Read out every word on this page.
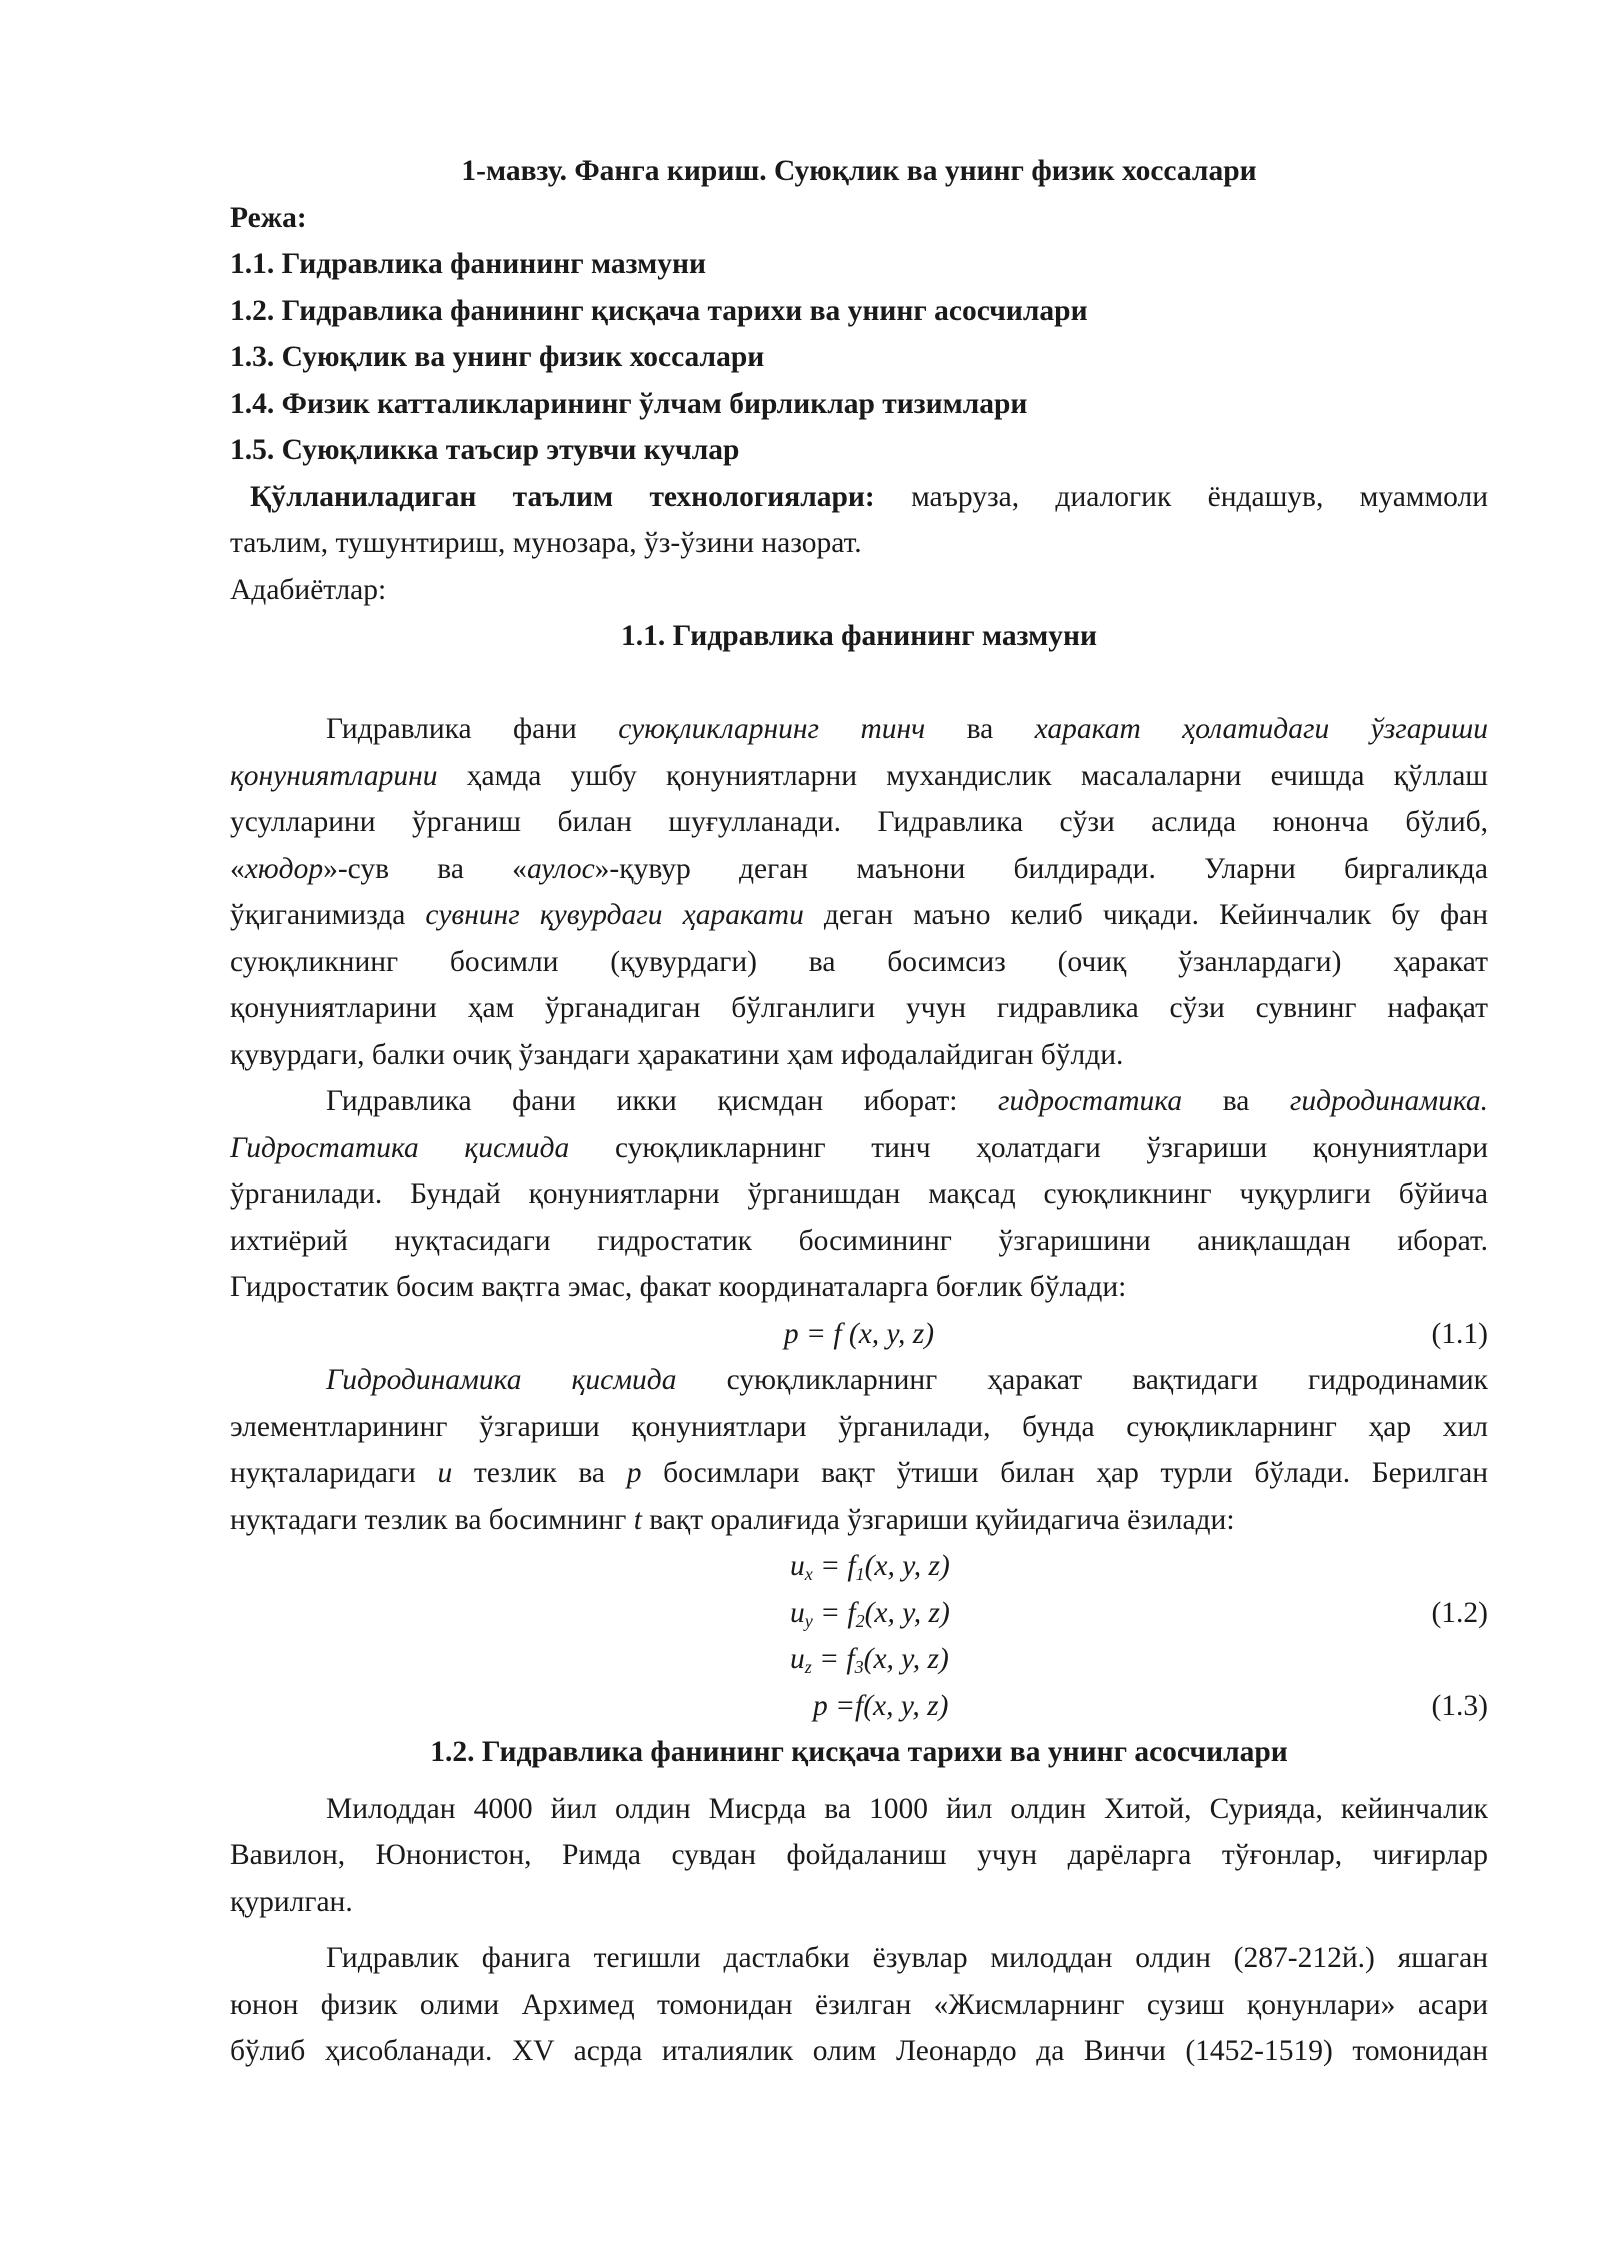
1-мавзу. Фанга кириш. Суюқлик ва унинг физик хоссалари
Режа:
1.1. Гидравлика фанининг мазмуни
1.2. Гидравлика фанининг қисқача тарихи ва унинг асосчилари
1.3. Суюқлик ва унинг физик хоссалари
1.4. Физик катталикларининг ўлчам бирликлар тизимлари
1.5. Суюқликка таъсир этувчи кучлар
Қўлланиладиган таълим технологиялари: маъруза, диалогик ёндашув, муаммоли
таълим, тушунтириш, мунозара, ўз-ўзини назорат.
Адабиётлар:
1.1. Гидравлика фанининг мазмуни
Гидравлика фани суюқликларнинг тинч ва харакат ҳолатидаги ўзгариши
қонуниятларини ҳамда ушбу қонуниятларни мухандислик масалаларни ечишда қўллаш
усулларини ўрганиш билан шуғулланади. Гидравлика сўзи аслида юнонча бўлиб,
«хюдор»-сув ва «аулос»-қувур деган маънони билдиради. Уларни биргаликда
ўқиганимизда сувнинг қувурдаги ҳаракати деган маъно келиб чиқади. Кейинчалик бу фан
суюқликнинг босимли (қувурдаги) ва босимсиз (очиқ ўзанлардаги) ҳаракат
қонуниятларини ҳам ўрганадиган бўлганлиги учун гидравлика сўзи сувнинг нафақат
қувурдаги, балки очиқ ўзандаги ҳаракатини ҳам ифодалайдиган бўлди.
Гидравлика фани икки қисмдан иборат: гидростатика ва гидродинамика.
Гидростатика қисмида суюқликларнинг тинч ҳолатдаги ўзгариши қонуниятлари
ўрганилади. Бундай қонуниятларни ўрганишдан мақсад суюқликнинг чуқурлиги бўйича
ихтиёрий нуқтасидаги гидростатик босимининг ўзгаришини аниқлашдан иборат.
Гидростатик босим вақтга эмас, факат координаталарга боғлик бўлади:
p = f (x, y, z)	(1.1)
Гидродинамика қисмида суюқликларнинг ҳаракат вақтидаги гидродинамик
элементларининг ўзгариши қонуниятлари ўрганилади, бунда суюқликларнинг ҳар хил
нуқталаридаги u тезлик ва p босимлари вақт ўтиши билан ҳар турли бўлади. Берилган
нуқтадаги тезлик ва босимнинг t вақт оралиғида ўзгариши қуйидагича ёзилади:
$u_x = f_1(x$, y, z)
$u_y = f_2(x$, y, z)	(1.2)
$u_z = f_3(x$, y, z)
p =f(x, y, z)	(1.3)
1.2. Гидравлика фанининг қисқача тарихи ва унинг асосчилари
Милоддан 4000 йил олдин Мисрда ва 1000 йил олдин Хитой, Сурияда, кейинчалик
Вавилон, Юнонистон, Римда сувдан фойдаланиш учун дарёларга тўғонлар, чиғирлар
қурилган.
Гидравлик фанига тегишли дастлабки ёзувлар милоддан олдин (287-212й.) яшаган
юнон физик олими Архимед томонидан ёзилган «Жисмларнинг сузиш қонунлари» асари
бўлиб ҳисобланади. XV асрда италиялик олим Леонардо да Винчи (1452-1519) томонидан
